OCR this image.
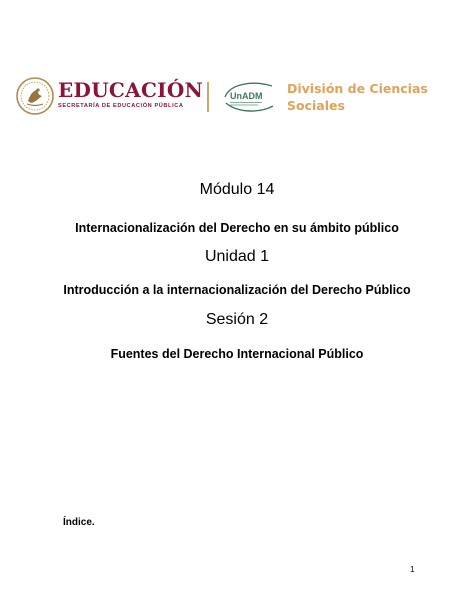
EDUCACIÓN
SECRETARÍA DE EDUCACIÓN PÚBLICA
UnADM División de Ciencias
Sociales
Módulo 14
Internacionalización del Derecho en su ámbito público
Unidad 1
Introducción a la internacionalización del Derecho Público
Sesión 2
Fuentes del Derecho Internacional Público
Índice.
1
